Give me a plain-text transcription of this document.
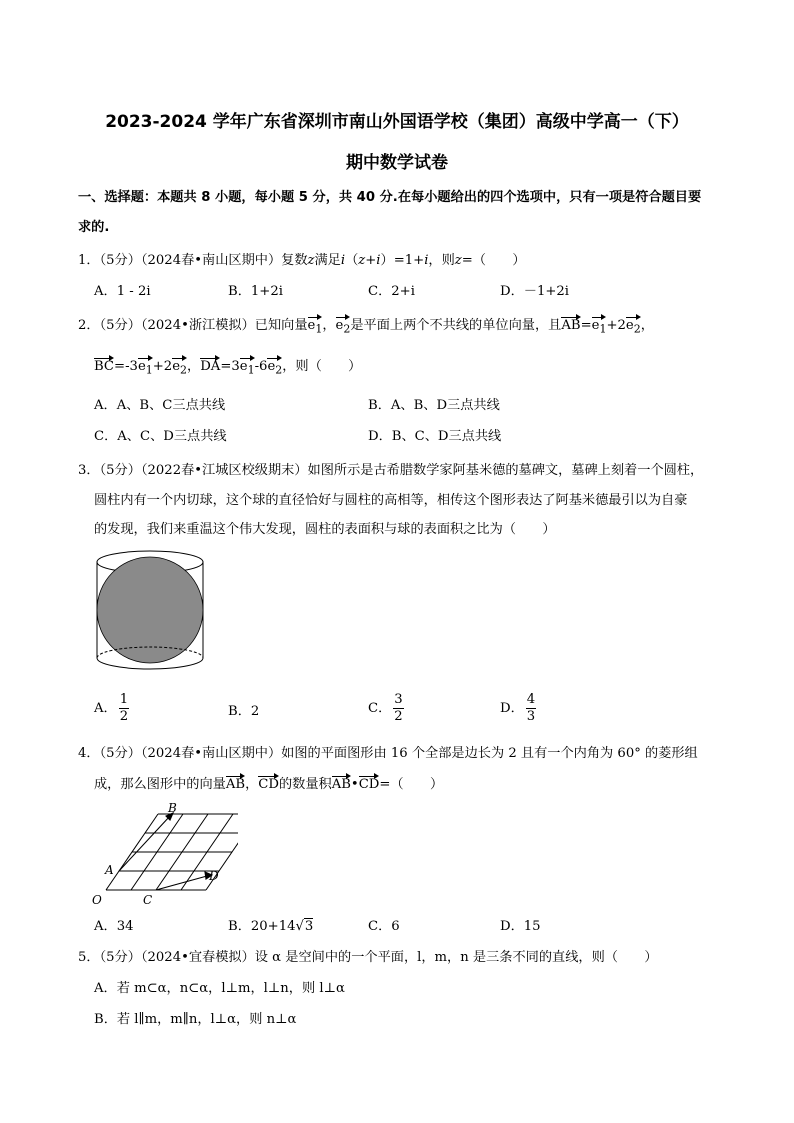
2023-2024 学年广东省深圳市南山外国语学校（集团）高级中学高一（下）
期中数学试卷
一、选择题：本题共 8 小题，每小题 5 分，共 40 分.在每小题给出的四个选项中，只有一项是符合题目要
求的.
1．（5分）（2024春•南山区期中）复数z满足i（z+i）=1+i，则z=（　　）
A．1 - 2i	B．1+2i	C．2+i	D．－1+2i
2．（5分）（2024•浙江模拟）已知向量$e_1$，$e_2$是平面上两个不共线的单位向量，且$AB=e_1+2e_2$，
$BC=-3e_1+2e_2$，$DA=3e_1-6e_2$，则（　　）
A．A、B、C三点共线	B．A、B、D三点共线
C．A、C、D三点共线	D．B、C、D三点共线
3．（5分）（2022春•江城区校级期末）如图所示是古希腊数学家阿基米德的墓碑文，墓碑上刻着一个圆柱，
圆柱内有一个内切球，这个球的直径恰好与圆柱的高相等，相传这个图形表达了阿基米德最引以为自豪
的发现，我们来重温这个伟大发现，圆柱的表面积与球的表面积之比为（　　）
A． $\frac{1}{2}$	B．2	C． $\frac{3}{2}$	D． $\frac{4}{3}$
4．（5分）（2024春•南山区期中）如图的平面图形由 16 个全部是边长为 2 且有一个内角为 60° 的菱形组
成，那么图形中的向量AB，CD的数量积AB•CD=（　　）
B
A
O	C
D
A．34	B．20+14√3	C．6	D．15
5．（5分）（2024•宜春模拟）设 α 是空间中的一个平面，l，m，n 是三条不同的直线，则（　　）
A．若 m⊂α，n⊂α，l⊥m，l⊥n，则 l⊥α
B．若 l∥m，m∥n，l⊥α，则 n⊥α
